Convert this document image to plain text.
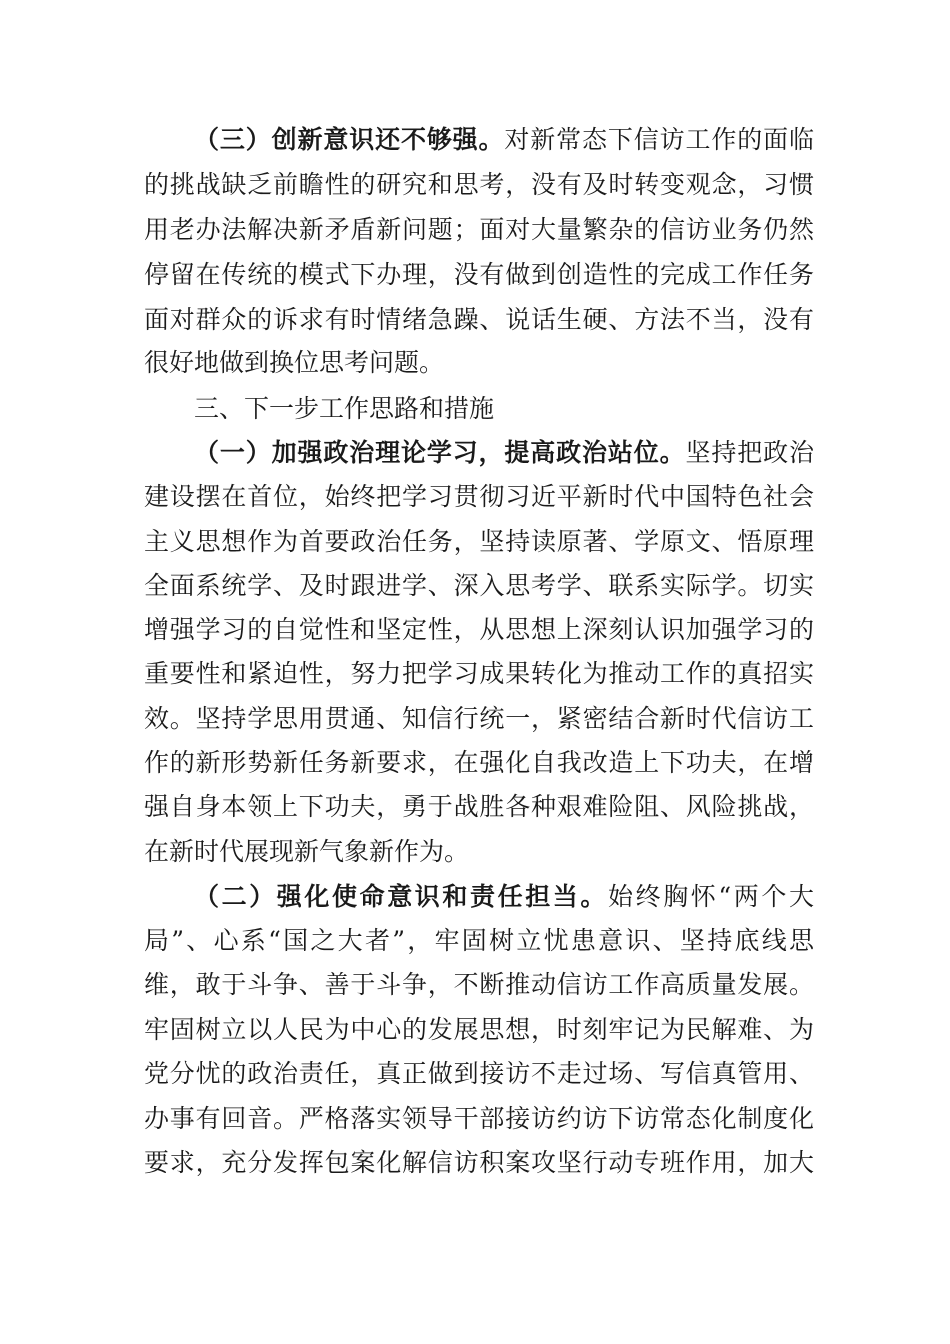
（三）创新意识还不够强。对新常态下信访工作的面临
的挑战缺乏前瞻性的研究和思考，没有及时转变观念，习惯
用老办法解决新矛盾新问题；面对大量繁杂的信访业务仍然
停留在传统的模式下办理，没有做到创造性的完成工作任务
面对群众的诉求有时情绪急躁、说话生硬、方法不当，没有
很好地做到换位思考问题。
三、下一步工作思路和措施
（一）加强政治理论学习，提高政治站位。坚持把政治
建设摆在首位，始终把学习贯彻习近平新时代中国特色社会
主义思想作为首要政治任务，坚持读原著、学原文、悟原理
全面系统学、及时跟进学、深入思考学、联系实际学。切实
增强学习的自觉性和坚定性，从思想上深刻认识加强学习的
重要性和紧迫性，努力把学习成果转化为推动工作的真招实
效。坚持学思用贯通、知信行统一，紧密结合新时代信访工
作的新形势新任务新要求，在强化自我改造上下功夫，在增
强自身本领上下功夫，勇于战胜各种艰难险阻、风险挑战，
在新时代展现新气象新作为。
（二）强化使命意识和责任担当。始终胸怀“两个大
局”、心系“国之大者”，牢固树立忧患意识、坚持底线思
维，敢于斗争、善于斗争，不断推动信访工作高质量发展。
牢固树立以人民为中心的发展思想，时刻牢记为民解难、为
党分忧的政治责任，真正做到接访不走过场、写信真管用、
办事有回音。严格落实领导干部接访约访下访常态化制度化
要求，充分发挥包案化解信访积案攻坚行动专班作用，加大
